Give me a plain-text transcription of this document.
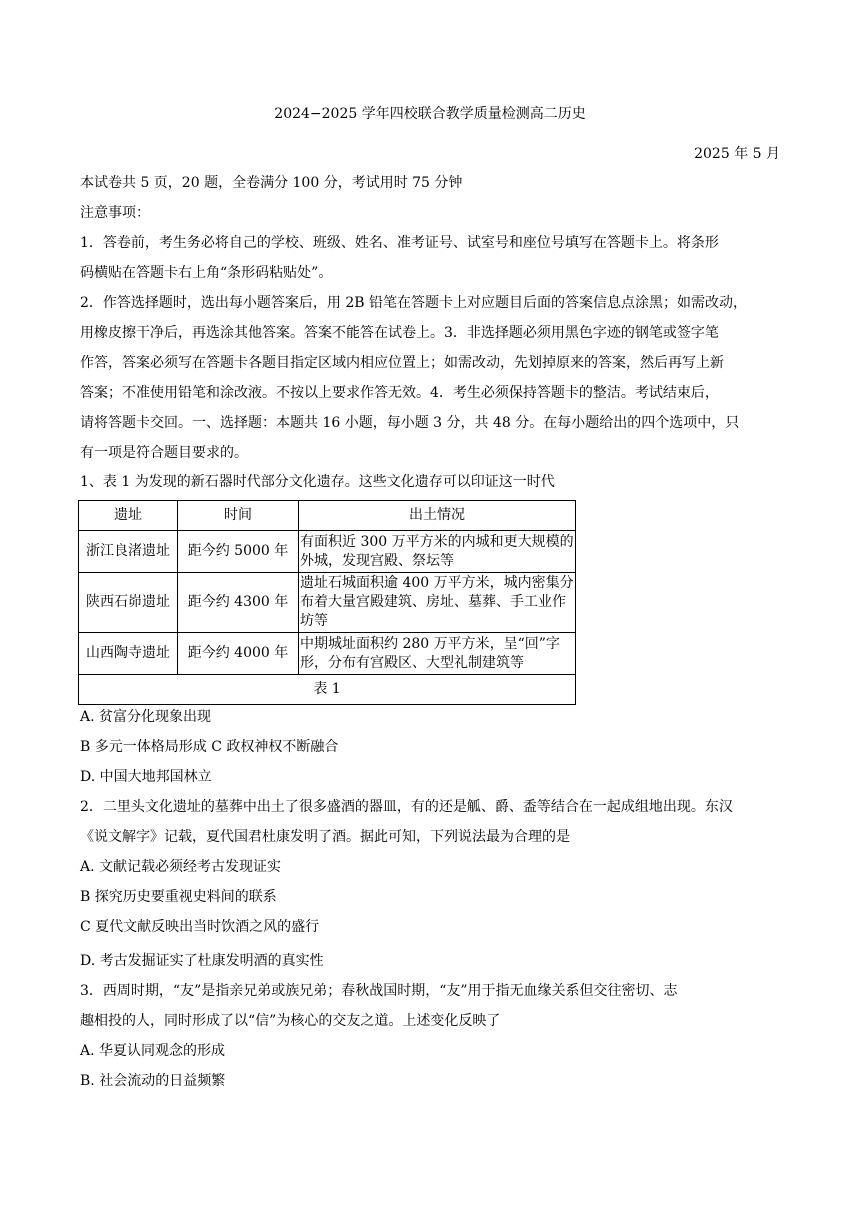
2024−2025 学年四校联合教学质量检测高二历史
2025 年 5 月
本试卷共 5 页，20 题，全卷满分 100 分，考试用时 75 分钟
注意事项：
1．答卷前，考生务必将自己的学校、班级、姓名、准考证号、试室号和座位号填写在答题卡上。将条形
码横贴在答题卡右上角“条形码粘贴处”。
2．作答选择题时，选出每小题答案后，用 2B 铅笔在答题卡上对应题目后面的答案信息点涂黑；如需改动，
用橡皮擦干净后，再选涂其他答案。答案不能答在试卷上。3．非选择题必须用黑色字迹的钢笔或签字笔
作答，答案必须写在答题卡各题目指定区域内相应位置上；如需改动，先划掉原来的答案，然后再写上新
答案；不准使用铅笔和涂改液。不按以上要求作答无效。4．考生必须保持答题卡的整洁。考试结束后，
请将答题卡交回。一、选择题：本题共 16 小题，每小题 3 分，共 48 分。在每小题给出的四个选项中，只
有一项是符合题目要求的。
1、表 1 为发现的新石器时代部分文化遗存。这些文化遗存可以印证这一时代
遗址	时间	出土情况
浙江良渚遗址	距今约 5000 年	有面积近 300 万平方米的内城和更大规模的外城，发现宫殿、祭坛等
陕西石峁遗址	距今约 4300 年	遗址石城面积逾 400 万平方米，城内密集分布着大量宫殿建筑、房址、墓葬、手工业作坊等
山西陶寺遗址	距今约 4000 年	中期城址面积约 280 万平方米，呈“回”字形，分布有宫殿区、大型礼制建筑等
表 1		
A. 贫富分化现象出现
B 多元一体格局形成 C 政权神权不断融合
D. 中国大地邦国林立
2．二里头文化遗址的墓葬中出土了很多盛酒的器皿，有的还是觚、爵、盉等结合在一起成组地出现。东汉
《说文解字》记载，夏代国君杜康发明了酒。据此可知，下列说法最为合理的是
A. 文献记载必须经考古发现证实
B 探究历史要重视史料间的联系
C 夏代文献反映出当时饮酒之风的盛行
D. 考古发掘证实了杜康发明酒的真实性
3．西周时期，“友”是指亲兄弟或族兄弟；春秋战国时期，“友”用于指无血缘关系但交往密切、志
趣相投的人，同时形成了以“信”为核心的交友之道。上述变化反映了
A. 华夏认同观念的形成
B. 社会流动的日益频繁
